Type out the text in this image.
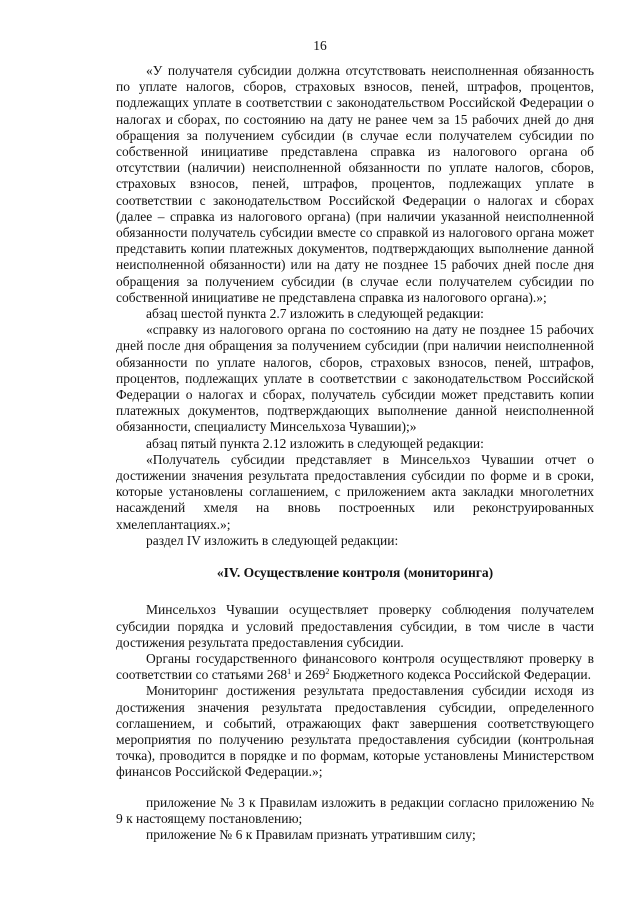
16

«У получателя субсидии должна отсутствовать неисполненная обязанность по уплате налогов, сборов, страховых взносов, пеней, штрафов, процентов, подлежащих уплате в соответствии с законодательством Российской Федерации о налогах и сборах, по состоянию на дату не ранее чем за 15 рабочих дней до дня обращения за получением субсидии (в случае если получателем субсидии по собственной инициативе представлена справка из налогового органа об отсутствии (наличии) неисполненной обязанности по уплате налогов, сборов, страховых взносов, пеней, штрафов, процентов, подлежащих уплате в соответствии с законодательством Российской Федерации о налогах и сборах (далее – справка из налогового органа) (при наличии указанной неисполненной обязанности получатель субсидии вместе со справкой из налогового органа может представить копии платежных документов, подтверждающих выполнение данной неисполненной обязанности) или на дату не позднее 15 рабочих дней после дня обращения за получением субсидии (в случае если получателем субсидии по собственной инициативе не представлена справка из налогового органа).»;

абзац шестой пункта 2.7 изложить в следующей редакции:

«справку из налогового органа по состоянию на дату не позднее 15 рабочих дней после дня обращения за получением субсидии (при наличии неисполненной обязанности по уплате налогов, сборов, страховых взносов, пеней, штрафов, процентов, подлежащих уплате в соответствии с законодательством Российской Федерации о налогах и сборах, получатель субсидии может представить копии платежных документов, подтверждающих выполнение данной неисполненной обязанности, специалисту Минсельхоза Чувашии);»

абзац пятый пункта 2.12 изложить в следующей редакции:

«Получатель субсидии представляет в Минсельхоз Чувашии отчет о достижении значения результата предоставления субсидии по форме и в сроки, которые установлены соглашением, с приложением акта закладки многолетних насаждений хмеля на вновь построенных или реконструированных хмелеплантациях.»;

раздел IV изложить в следующей редакции:

«IV. Осуществление контроля (мониторинга)

Минсельхоз Чувашии осуществляет проверку соблюдения получателем субсидии порядка и условий предоставления субсидии, в том числе в части достижения результата предоставления субсидии.

Органы государственного финансового контроля осуществляют проверку в соответствии со статьями $268^1$ и $269^2$ Бюджетного кодекса Российской Федерации.

Мониторинг достижения результата предоставления субсидии исходя из достижения значения результата предоставления субсидии, определенного соглашением, и событий, отражающих факт завершения соответствующего мероприятия по получению результата предоставления субсидии (контрольная точка), проводится в порядке и по формам, которые установлены Министерством финансов Российской Федерации.»;

приложение № 3 к Правилам изложить в редакции согласно приложению № 9 к настоящему постановлению;

приложение № 6 к Правилам признать утратившим силу;
